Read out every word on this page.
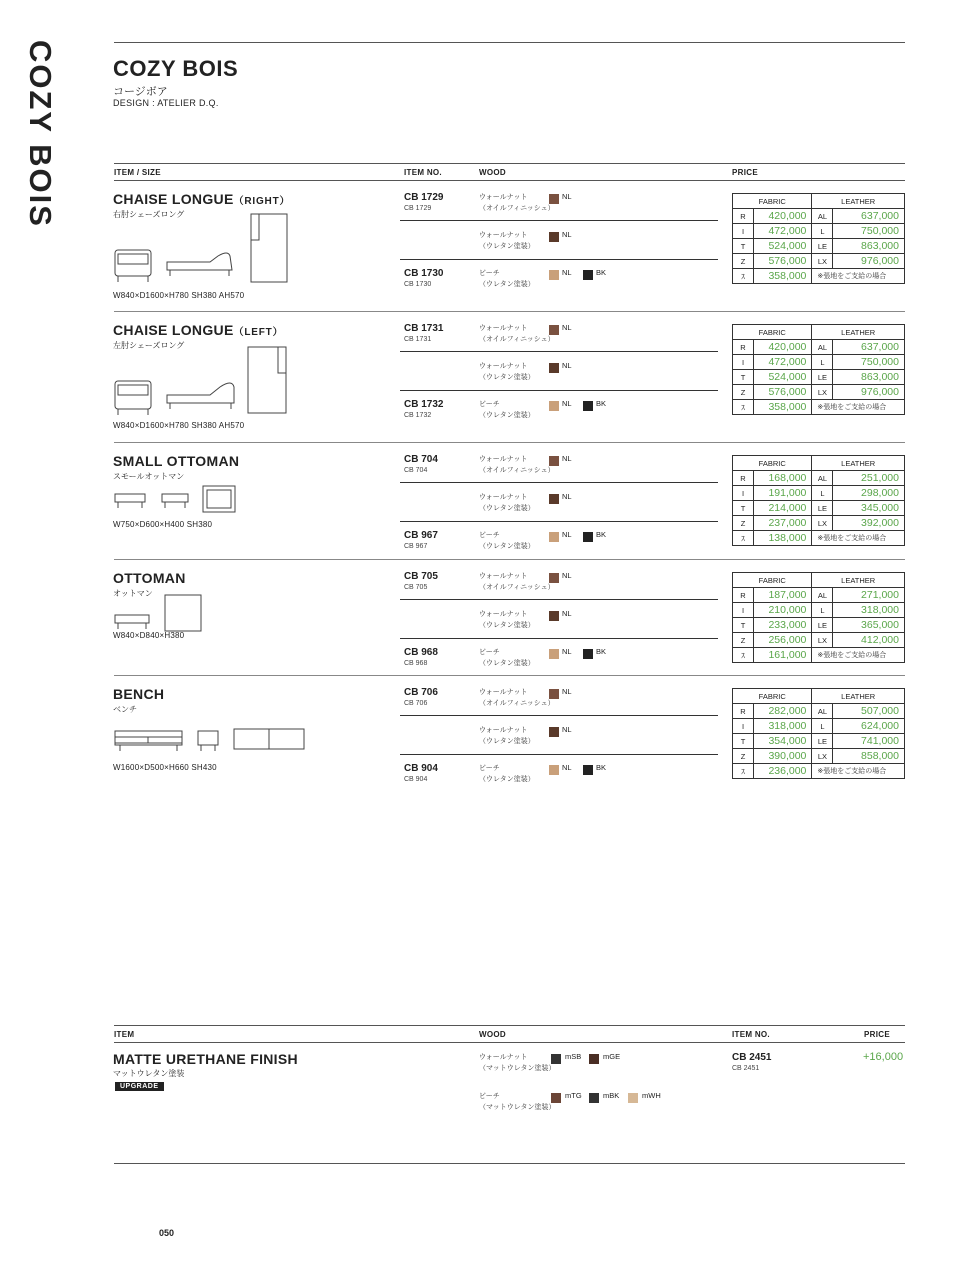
COZY BOIS	COZY BOIS
コージボア
DESIGN : ATELIER D.Q.
ITEM / SIZE	ITEM NO.	WOOD	PRICE
CHAISE LONGUE（RIGHT）
右肘シェーズロング
W840×D1600×H780 SH380 AH570
CB 1729
CB 1729
ウォールナット
（オイルフィニッシュ）
NL
ウォールナット
（ウレタン塗装）
NL
CB 1730
CB 1730
ビーチ
（ウレタン塗装）
NL	BK
FABRIC		LEATHER	
R	420,000	AL	637,000
I	472,000	L	750,000
T	524,000	LE	863,000
Z	576,000	LX	976,000
ｽ	358,000	※張地をご支給の場合	
CHAISE LONGUE（LEFT）
左肘シェーズロング
W840×D1600×H780 SH380 AH570
CB 1731
CB 1731
ウォールナット
（オイルフィニッシュ）
NL
ウォールナット
（ウレタン塗装）
NL
CB 1732
CB 1732
ビーチ
（ウレタン塗装）
NL	BK
FABRIC		LEATHER	
R	420,000	AL	637,000
I	472,000	L	750,000
T	524,000	LE	863,000
Z	576,000	LX	976,000
ｽ	358,000	※張地をご支給の場合	
SMALL OTTOMAN
スモールオットマン
W750×D600×H400 SH380
CB 704
CB 704
ウォールナット
（オイルフィニッシュ）
NL
ウォールナット
（ウレタン塗装）
NL
CB 967
CB 967
ビーチ
（ウレタン塗装）
NL	BK
FABRIC		LEATHER	
R	168,000	AL	251,000
I	191,000	L	298,000
T	214,000	LE	345,000
Z	237,000	LX	392,000
ｽ	138,000	※張地をご支給の場合	
OTTOMAN
オットマン
W840×D840×H380
CB 705
CB 705
ウォールナット
（オイルフィニッシュ）
NL
ウォールナット
（ウレタン塗装）
NL
CB 968
CB 968
ビーチ
（ウレタン塗装）
NL	BK
FABRIC		LEATHER	
R	187,000	AL	271,000
I	210,000	L	318,000
T	233,000	LE	365,000
Z	256,000	LX	412,000
ｽ	161,000	※張地をご支給の場合	
BENCH
ベンチ
W1600×D500×H660 SH430
CB 706
CB 706
ウォールナット
（オイルフィニッシュ）
NL
ウォールナット
（ウレタン塗装）
NL
CB 904
CB 904
ビーチ
（ウレタン塗装）
NL	BK
FABRIC		LEATHER	
R	282,000	AL	507,000
I	318,000	L	624,000
T	354,000	LE	741,000
Z	390,000	LX	858,000
ｽ	236,000	※張地をご支給の場合	
ITEM	WOOD	ITEM NO.	PRICE
MATTE URETHANE FINISH
マットウレタン塗装
UPGRADE
ウォールナット
（マットウレタン塗装）
mSB	mGE
ビーチ
（マットウレタン塗装）
mTG	mBK	mWH
CB 2451
CB 2451
+16,000
050
